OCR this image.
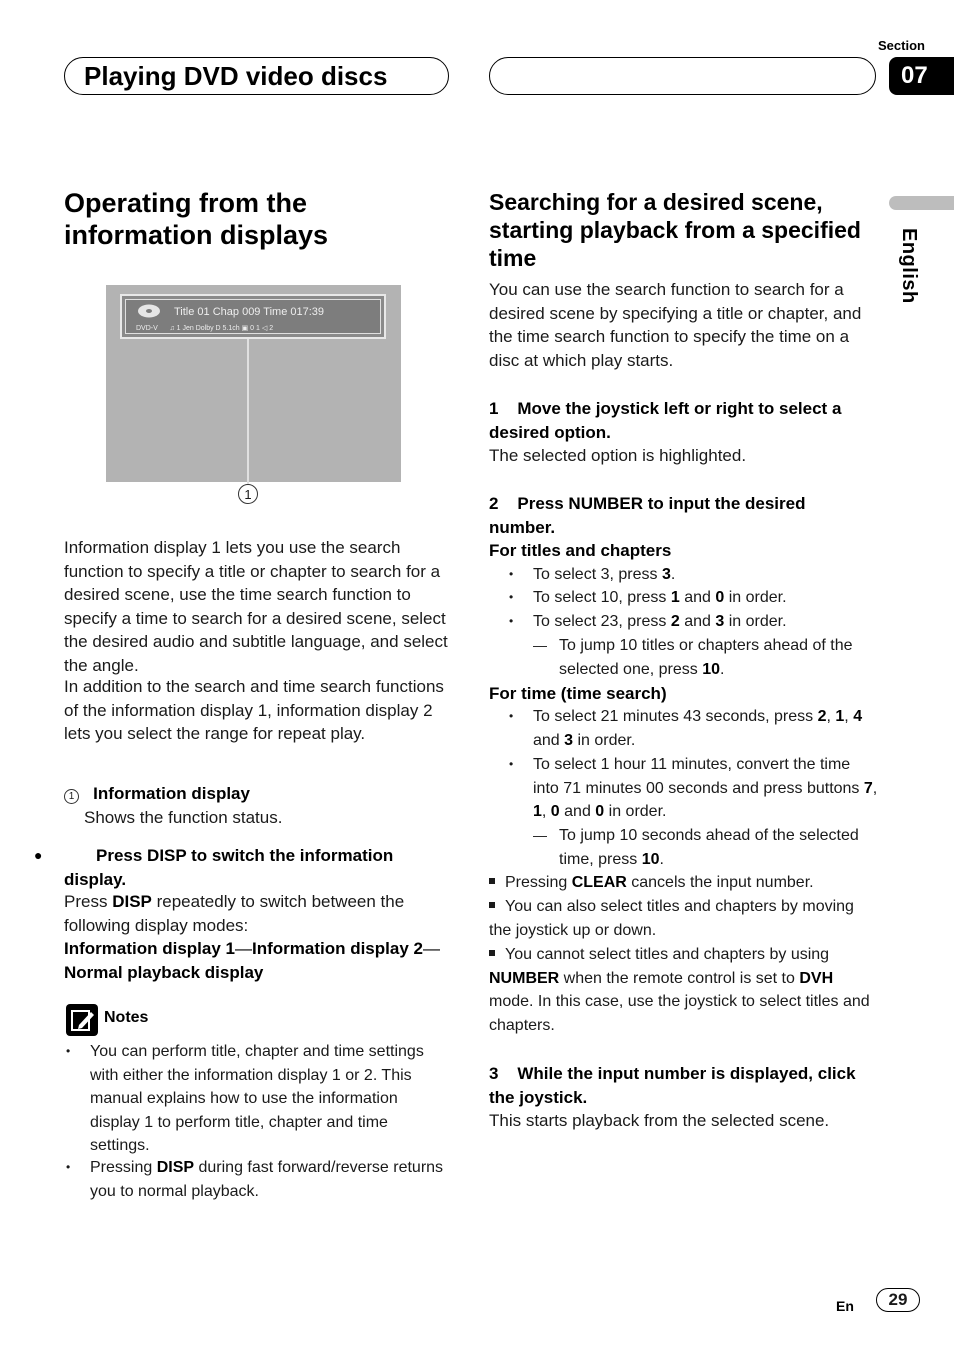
Section
Playing DVD video discs	07
English
Operating from the information displays
Title 01 Chap 009 Time 017:39
DVD-V ♫ 1 Jen Dolby D 5.1ch ▣ 0 1 ◁ 2
1
Information display 1 lets you use the search function to specify a title or chapter to search for a desired scene, use the time search function to specify a time to search for a desired scene, select the desired audio and subtitle language, and select the angle.
In addition to the search and time search functions of the information display 1, information display 2 lets you select the range for repeat play.
1 Information display
Shows the function status.
●	Press DISP to switch the information display.
Press DISP repeatedly to switch between the following display modes:
Information display 1—Information display 2—Normal playback display
Notes
• You can perform title, chapter and time settings with either the information display 1 or 2. This manual explains how to use the information display 1 to perform title, chapter and time settings.
• Pressing DISP during fast forward/reverse returns you to normal playback.
Searching for a desired scene, starting playback from a specified time
You can use the search function to search for a desired scene by specifying a title or chapter, and the time search function to specify the time on a disc at which play starts.
1 Move the joystick left or right to select a desired option.
The selected option is highlighted.
2 Press NUMBER to input the desired number.
For titles and chapters
• To select 3, press 3.
• To select 10, press 1 and 0 in order.
• To select 23, press 2 and 3 in order.
— To jump 10 titles or chapters ahead of the selected one, press 10.
For time (time search)
• To select 21 minutes 43 seconds, press 2, 1, 4 and 3 in order.
• To select 1 hour 11 minutes, convert the time into 71 minutes 00 seconds and press buttons 7, 1, 0 and 0 in order.
— To jump 10 seconds ahead of the selected time, press 10.
Pressing CLEAR cancels the input number.
You can also select titles and chapters by moving the joystick up or down.
You cannot select titles and chapters by using NUMBER when the remote control is set to DVH mode. In this case, use the joystick to select titles and chapters.
3 While the input number is displayed, click the joystick.
This starts playback from the selected scene.
En	29
